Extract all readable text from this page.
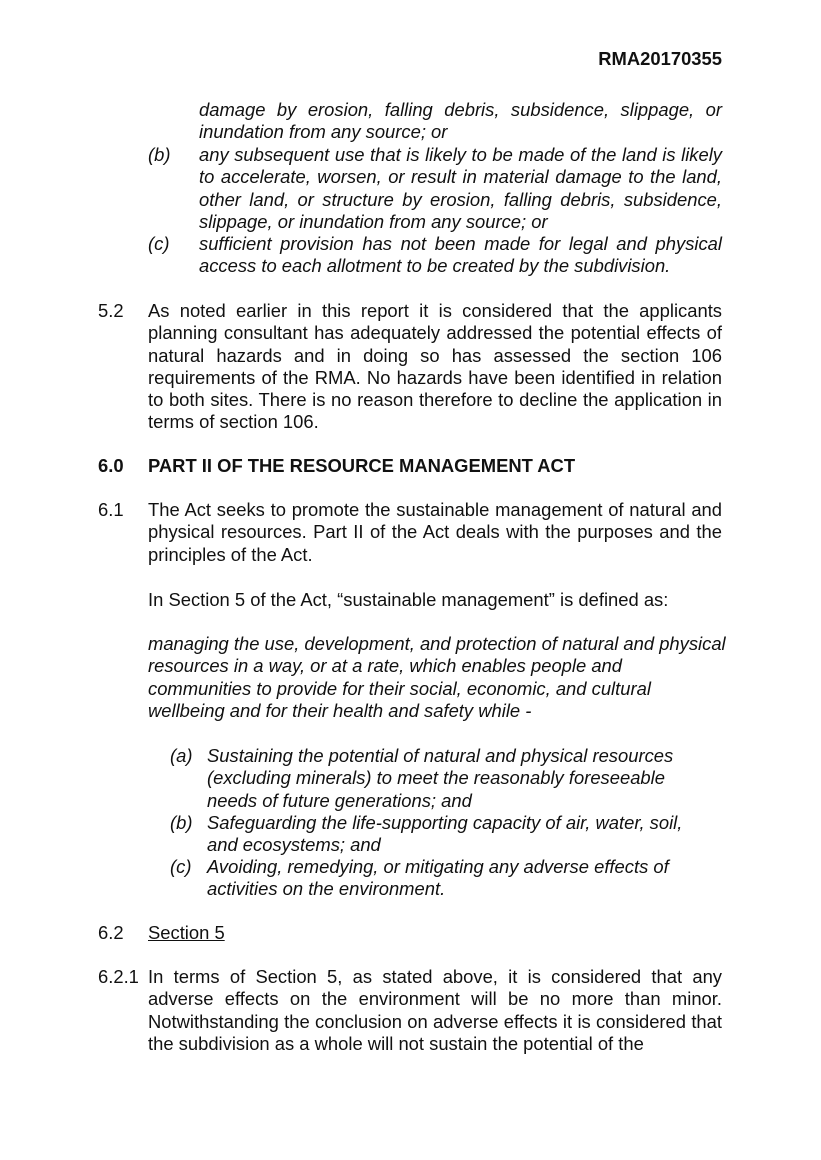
RMA20170355
damage by erosion, falling debris, subsidence, slippage, or inundation from any source; or
(b) any subsequent use that is likely to be made of the land is likely to accelerate, worsen, or result in material damage to the land, other land, or structure by erosion, falling debris, subsidence, slippage, or inundation from any source; or
(c) sufficient provision has not been made for legal and physical access to each allotment to be created by the subdivision.
5.2 As noted earlier in this report it is considered that the applicants planning consultant has adequately addressed the potential effects of natural hazards and in doing so has assessed the section 106 requirements of the RMA. No hazards have been identified in relation to both sites. There is no reason therefore to decline the application in terms of section 106.
6.0 PART II OF THE RESOURCE MANAGEMENT ACT
6.1 The Act seeks to promote the sustainable management of natural and physical resources. Part II of the Act deals with the purposes and the principles of the Act.
In Section 5 of the Act, “sustainable management” is defined as:
managing the use, development, and protection of natural and physical resources in a way, or at a rate, which enables people and communities to provide for their social, economic, and cultural wellbeing and for their health and safety while -
(a) Sustaining the potential of natural and physical resources (excluding minerals) to meet the reasonably foreseeable needs of future generations; and
(b) Safeguarding the life-supporting capacity of air, water, soil, and ecosystems; and
(c) Avoiding, remedying, or mitigating any adverse effects of activities on the environment.
6.2 Section 5
6.2.1 In terms of Section 5, as stated above, it is considered that any adverse effects on the environment will be no more than minor. Notwithstanding the conclusion on adverse effects it is considered that the subdivision as a whole will not sustain the potential of the
